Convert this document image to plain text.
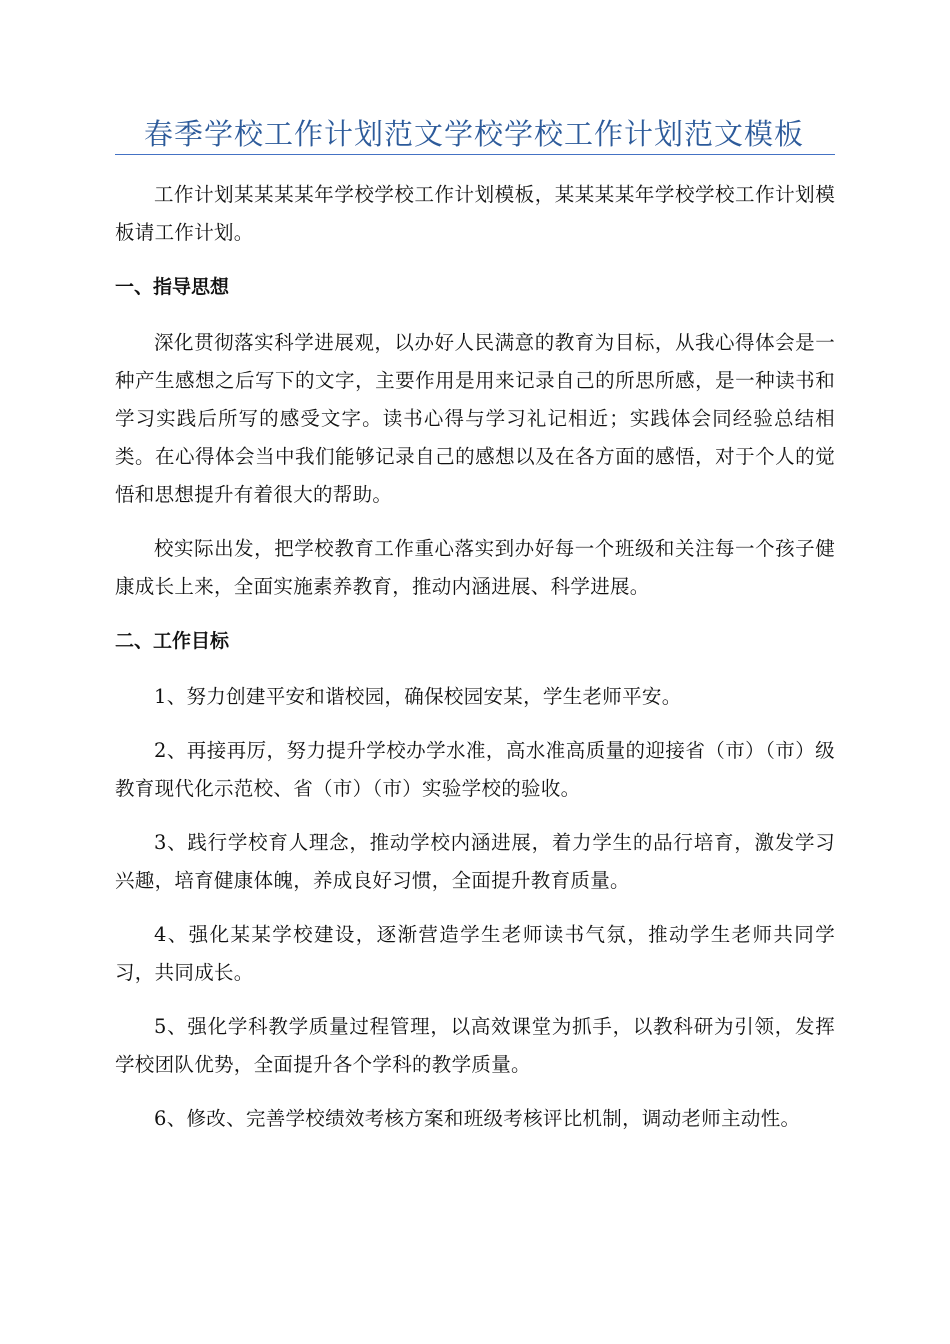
春季学校工作计划范文学校学校工作计划范文模板

工作计划某某某某年学校学校工作计划模板，某某某某年学校学校工作计划模板请工作计划。

一、指导思想

深化贯彻落实科学进展观，以办好人民满意的教育为目标，从我心得体会是一种产生感想之后写下的文字，主要作用是用来记录自己的所思所感，是一种读书和学习实践后所写的感受文字。读书心得与学习礼记相近；实践体会同经验总结相类。在心得体会当中我们能够记录自己的感想以及在各方面的感悟，对于个人的觉悟和思想提升有着很大的帮助。

校实际出发，把学校教育工作重心落实到办好每一个班级和关注每一个孩子健康成长上来，全面实施素养教育，推动内涵进展、科学进展。

二、工作目标

1、努力创建平安和谐校园，确保校园安某，学生老师平安。

2、再接再厉，努力提升学校办学水准，高水准高质量的迎接省（市）（市）级教育现代化示范校、省（市）（市）实验学校的验收。

3、践行学校育人理念，推动学校内涵进展，着力学生的品行培育，激发学习兴趣，培育健康体魄，养成良好习惯，全面提升教育质量。

4、强化某某学校建设，逐渐营造学生老师读书气氛，推动学生老师共同学习，共同成长。

5、强化学科教学质量过程管理，以高效课堂为抓手，以教科研为引领，发挥学校团队优势，全面提升各个学科的教学质量。

6、修改、完善学校绩效考核方案和班级考核评比机制，调动老师主动性。
